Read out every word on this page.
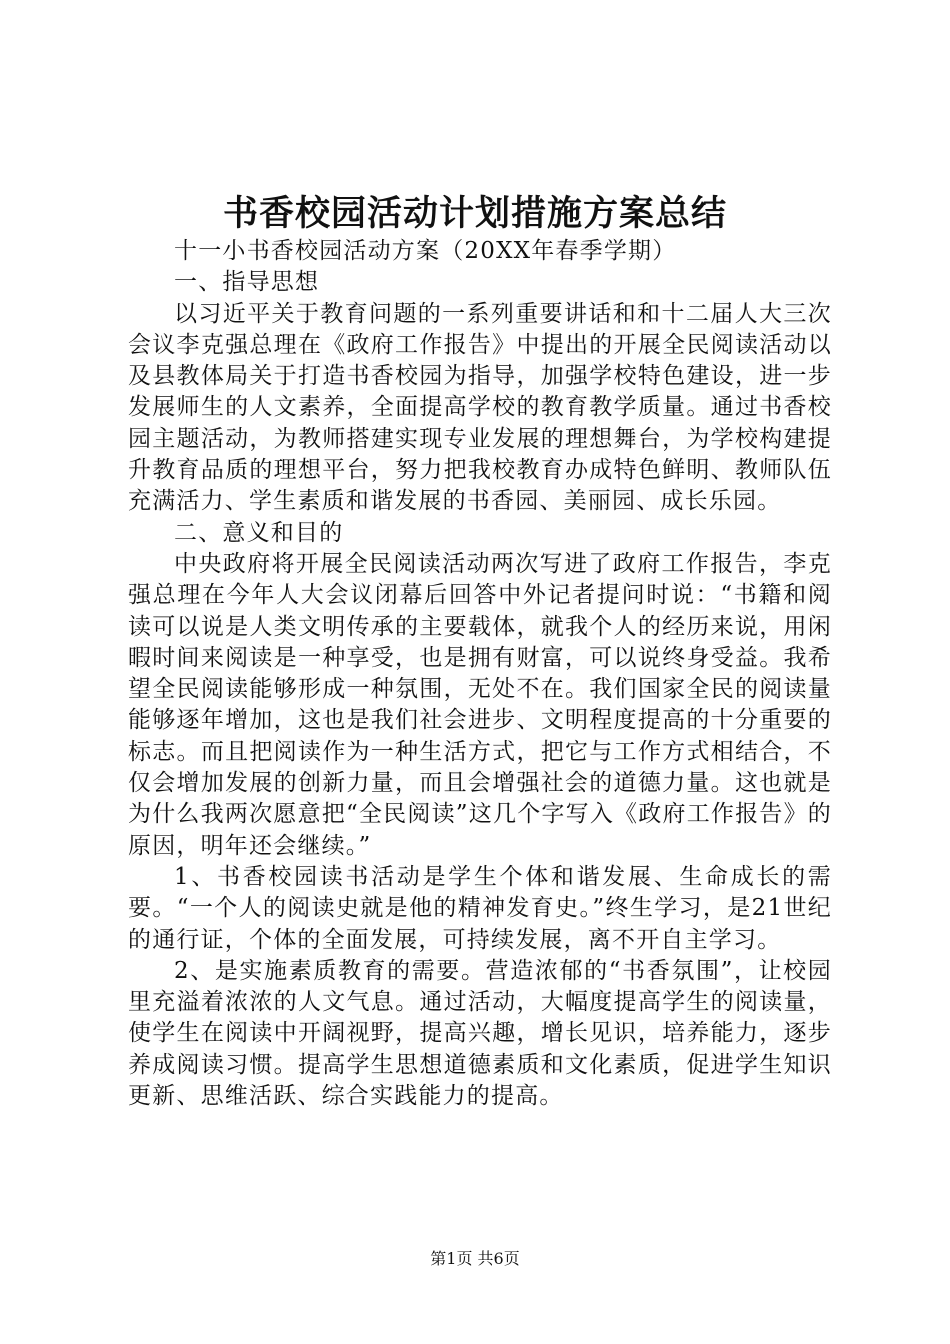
书香校园活动计划措施方案总结

十一小书香校园活动方案（20XX年春季学期）

一、指导思想

以习近平关于教育问题的一系列重要讲话和和十二届人大三次会议李克强总理在《政府工作报告》中提出的开展全民阅读活动以及县教体局关于打造书香校园为指导，加强学校特色建设，进一步发展师生的人文素养，全面提高学校的教育教学质量。通过书香校园主题活动，为教师搭建实现专业发展的理想舞台，为学校构建提升教育品质的理想平台，努力把我校教育办成特色鲜明、教师队伍充满活力、学生素质和谐发展的书香园、美丽园、成长乐园。

二、意义和目的

中央政府将开展全民阅读活动两次写进了政府工作报告，李克强总理在今年人大会议闭幕后回答中外记者提问时说：“书籍和阅读可以说是人类文明传承的主要载体，就我个人的经历来说，用闲暇时间来阅读是一种享受，也是拥有财富，可以说终身受益。我希望全民阅读能够形成一种氛围，无处不在。我们国家全民的阅读量能够逐年增加，这也是我们社会进步、文明程度提高的十分重要的标志。而且把阅读作为一种生活方式，把它与工作方式相结合，不仅会增加发展的创新力量，而且会增强社会的道德力量。这也就是为什么我两次愿意把“全民阅读”这几个字写入《政府工作报告》的原因，明年还会继续。”

1、书香校园读书活动是学生个体和谐发展、生命成长的需要。“一个人的阅读史就是他的精神发育史。”终生学习，是21世纪的通行证，个体的全面发展，可持续发展，离不开自主学习。

2、是实施素质教育的需要。营造浓郁的“书香氛围”，让校园里充溢着浓浓的人文气息。通过活动，大幅度提高学生的阅读量，使学生在阅读中开阔视野，提高兴趣，增长见识，培养能力，逐步养成阅读习惯。提高学生思想道德素质和文化素质，促进学生知识更新、思维活跃、综合实践能力的提高。

第1页 共6页
